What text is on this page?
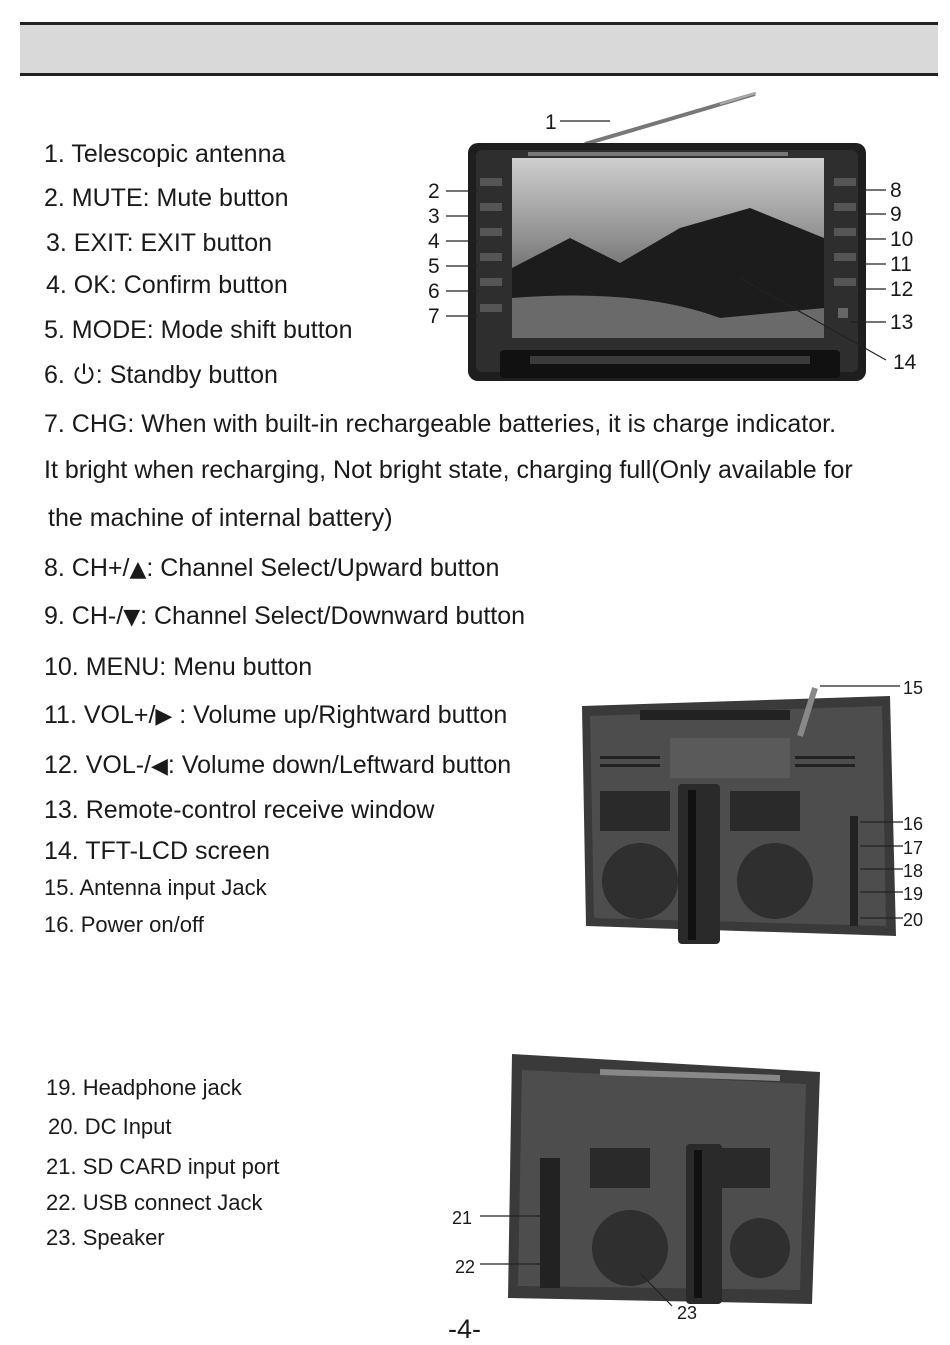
1. Telescopic antenna
2. MUTE: Mute button
3. EXIT: EXIT button
4. OK: Confirm button
5. MODE: Mode shift button
6. : Standby button
7. CHG: When with built-in rechargeable batteries, it is charge indicator.
It bright when recharging, Not bright state, charging full(Only available for
the machine of internal battery)
8. CH+/▲: Channel Select/Upward button
9. CH-/▼: Channel Select/Downward button
10. MENU: Menu button
11. VOL+/▶ : Volume up/Rightward button
12. VOL-/◀: Volume down/Leftward button
13. Remote-control receive window
14. TFT-LCD screen
15. Antenna input Jack
16. Power on/off
19. Headphone jack
20. DC Input
21. SD CARD input port
22. USB connect Jack
23. Speaker
1
2
3
4
5
6
7
8
9
10
11
12
13
14
15
16
17
18
19
20
21
22
23
-4-
